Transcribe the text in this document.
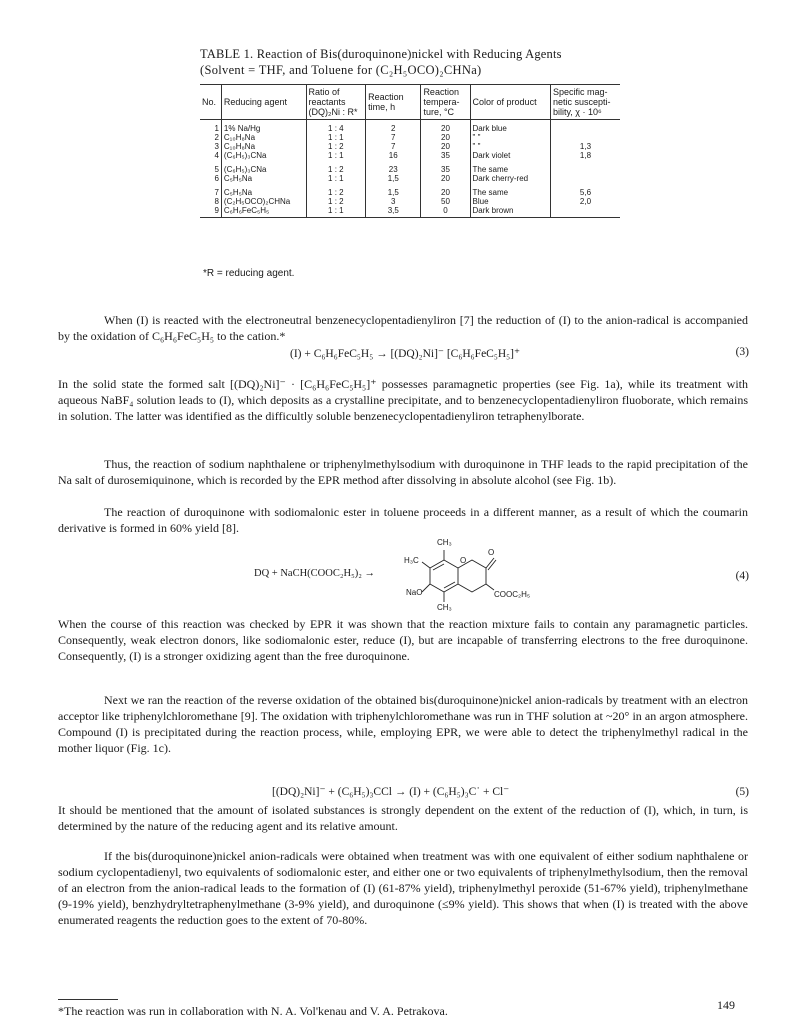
TABLE 1. Reaction of Bis(duroquinone)nickel with Reducing Agents
(Solvent = THF, and Toluene for (C₂H₅OCO)₂CHNa)
No.	Reducing agent	Ratio of reactants (DQ)₂Ni : R*	Reaction time, h	Reaction tempera-ture, °C	Color of product	Specific mag-netic suscepti-bility, χ · 10⁶
1	1% Na/Hg	1 : 4	2	20	Dark blue	
2	C₁₀H₈Na	1 : 1	7	20	" "	
3	C₁₀H₈Na	1 : 2	7	20	" "	1,3
4	(C₆H₅)₃CNa	1 : 1	16	35	Dark violet	1,8
5	(C₆H₅)₃CNa	1 : 2	23	35	The same	
6	C₅H₅Na	1 : 1	1,5	20	Dark cherry-red	
7	C₅H₅Na	1 : 2	1,5	20	The same	5,6
8	(C₂H₅OCO)₂CHNa	1 : 2	3	50	Blue	2,0
9	C₆H₆FeC₅H₅	1 : 1	3,5	0	Dark brown	
*R = reducing agent.

When (I) is reacted with the electroneutral benzenecyclopentadienyliron [7] the reduction of (I) to the anion-radical is accompanied by the oxidation of C₆H₆FeC₅H₅ to the cation.*

(I) + C₆H₆FeC₅H₅ → [(DQ)₂Ni]⁻ [C₆H₆FeC₅H₅]⁺	(3)

In the solid state the formed salt [(DQ)₂Ni]⁻ · [C₆H₆FeC₅H₅]⁺ possesses paramagnetic properties (see Fig. 1a), while its treatment with aqueous NaBF₄ solution leads to (I), which deposits as a crystalline precipitate, and to benzenecyclopentadienyliron fluoborate, which remains in solution. The latter was identified as the difficultly soluble benzenecyclopentadienyliron tetraphenylborate.

Thus, the reaction of sodium naphthalene or triphenylmethylsodium with duroquinone in THF leads to the rapid precipitation of the Na salt of durosemiquinone, which is recorded by the EPR method after dissolving in absolute alcohol (see Fig. 1b).

The reaction of duroquinone with sodiomalonic ester in toluene proceeds in a different manner, as a result of which the coumarin derivative is formed in 60% yield [8].

DQ + NaCH(COOC₂H₅)₂ →	(4)
CH₃
H₃C	O
O
NaO	COOC₂H₅
CH₃

When the course of this reaction was checked by EPR it was shown that the reaction mixture fails to contain any paramagnetic particles. Consequently, weak electron donors, like sodiomalonic ester, reduce (I), but are incapable of transferring electrons to the free duroquinone. Consequently, (I) is a stronger oxidizing agent than the free duroquinone.

Next we ran the reaction of the reverse oxidation of the obtained bis(duroquinone)nickel anion-radicals by treatment with an electron acceptor like triphenylchloromethane [9]. The oxidation with triphenylchloromethane was run in THF solution at ~20° in an argon atmosphere. Compound (I) is precipitated during the reaction process, while, employing EPR, we were able to detect the triphenylmethyl radical in the mother liquor (Fig. 1c).

[(DQ)₂Ni]⁻ + (C₆H₅)₃CCl → (I) + (C₆H₅)₃C˙ + Cl⁻	(5)

It should be mentioned that the amount of isolated substances is strongly dependent on the extent of the reduction of (I), which, in turn, is determined by the nature of the reducing agent and its relative amount.

If the bis(duroquinone)nickel anion-radicals were obtained when treatment was with one equivalent of either sodium naphthalene or sodium cyclopentadienyl, two equivalents of sodiomalonic ester, and either one or two equivalents of triphenylmethylsodium, then the removal of an electron from the anion-radical leads to the formation of (I) (61-87% yield), triphenylmethyl peroxide (51-67% yield), triphenylmethane (9-19% yield), benzhydryltetraphenylmethane (3-9% yield), and duroquinone (≤9% yield). This shows that when (I) is treated with the above enumerated reagents the reduction goes to the extent of 70-80%.

*The reaction was run in collaboration with N. A. Vol'kenau and V. A. Petrakova.	149
